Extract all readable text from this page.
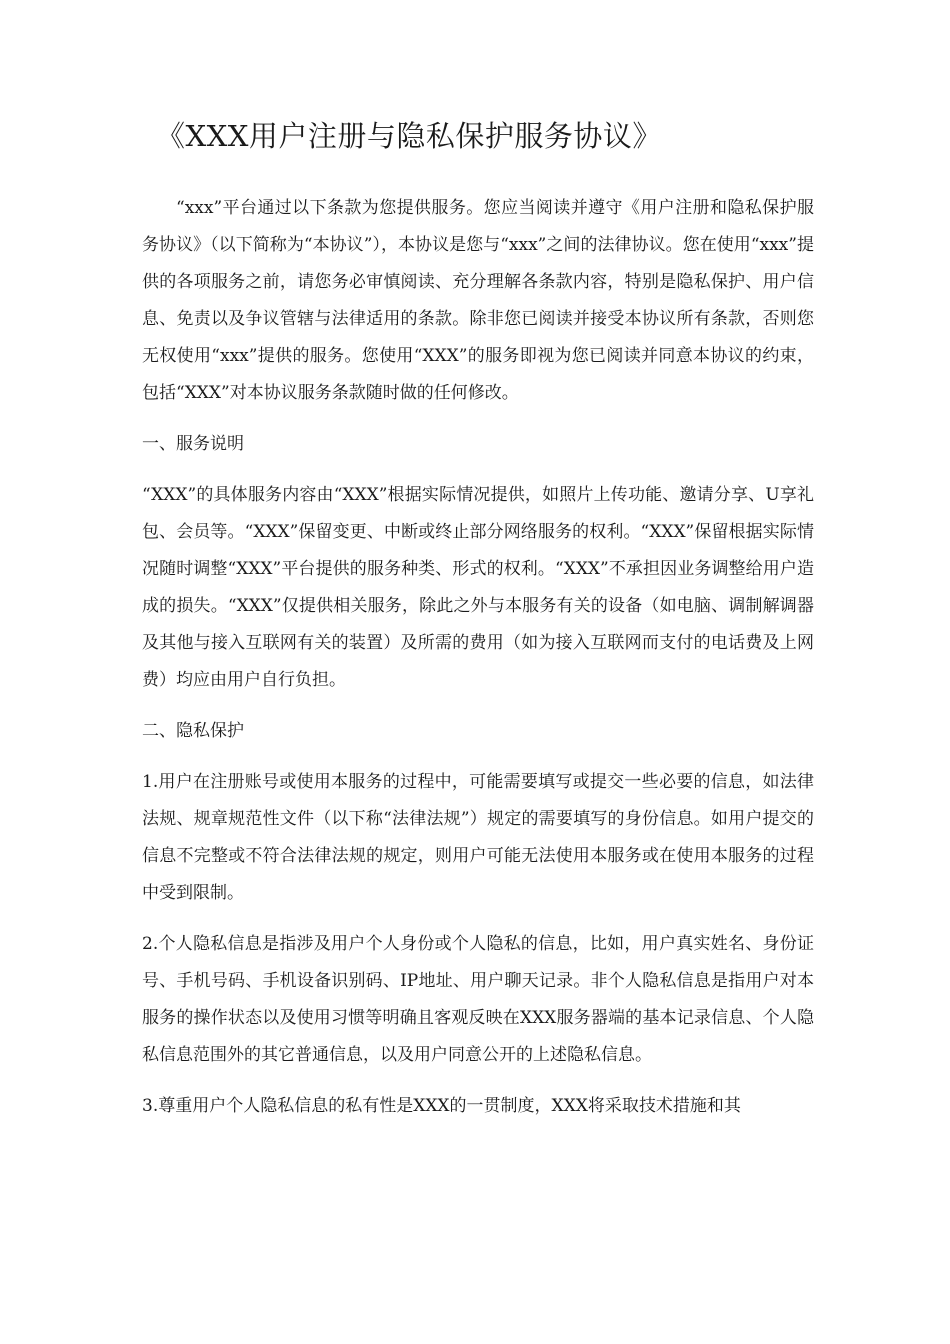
《XXX用户注册与隐私保护服务协议》

“xxx”平台通过以下条款为您提供服务。您应当阅读并遵守《用户注册和隐私保护服务协议》（以下简称为“本协议”），本协议是您与“xxx”之间的法律协议。您在使用“xxx”提供的各项服务之前，请您务必审慎阅读、充分理解各条款内容，特别是隐私保护、用户信息、免责以及争议管辖与法律适用的条款。除非您已阅读并接受本协议所有条款，否则您无权使用“xxx”提供的服务。您使用“XXX”的服务即视为您已阅读并同意本协议的约束，包括“XXX”对本协议服务条款随时做的任何修改。

一、服务说明

“XXX”的具体服务内容由“XXX”根据实际情况提供，如照片上传功能、邀请分享、U享礼包、会员等。“XXX”保留变更、中断或终止部分网络服务的权利。“XXX”保留根据实际情况随时调整“XXX”平台提供的服务种类、形式的权利。“XXX”不承担因业务调整给用户造成的损失。“XXX”仅提供相关服务，除此之外与本服务有关的设备（如电脑、调制解调器及其他与接入互联网有关的装置）及所需的费用（如为接入互联网而支付的电话费及上网费）均应由用户自行负担。

二、隐私保护

1.用户在注册账号或使用本服务的过程中，可能需要填写或提交一些必要的信息，如法律法规、规章规范性文件（以下称“法律法规”）规定的需要填写的身份信息。如用户提交的信息不完整或不符合法律法规的规定，则用户可能无法使用本服务或在使用本服务的过程中受到限制。

2.个人隐私信息是指涉及用户个人身份或个人隐私的信息，比如，用户真实姓名、身份证号、手机号码、手机设备识别码、IP地址、用户聊天记录。非个人隐私信息是指用户对本服务的操作状态以及使用习惯等明确且客观反映在XXX服务器端的基本记录信息、个人隐私信息范围外的其它普通信息，以及用户同意公开的上述隐私信息。

3.尊重用户个人隐私信息的私有性是XXX的一贯制度，XXX将采取技术措施和其
